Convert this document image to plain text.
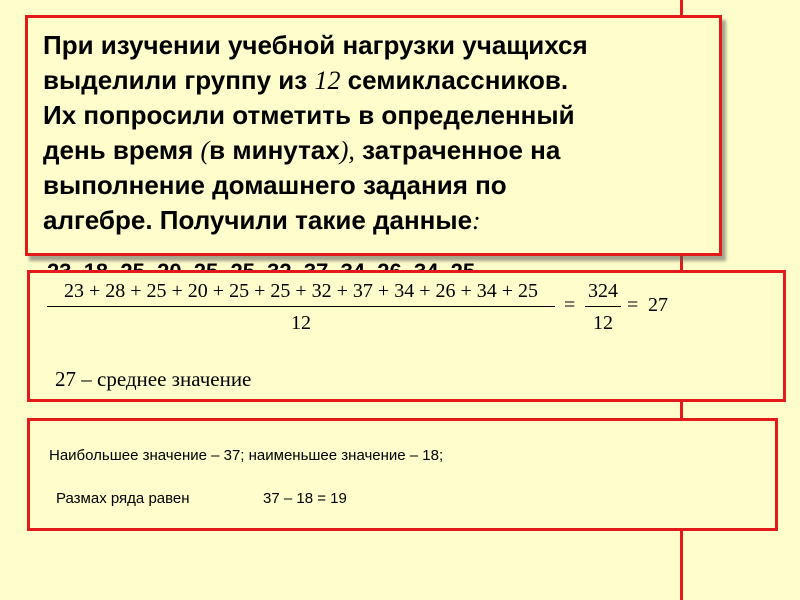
При изучении учебной нагрузки учащихся
выделили группу из 12 семиклассников.
Их попросили отметить в определенный
день время (в минутах), затраченное на
выполнение домашнего задания по
алгебре. Получили такие данные:

23 + 28 + 25 + 20 + 25 + 25 + 32 + 37 + 34 + 26 + 34 + 25
12
=
324
12
= 27
27 – среднее значение
Наибольшее значение – 37; наименьшее значение – 18;
Размах ряда равен	37 – 18 = 19
